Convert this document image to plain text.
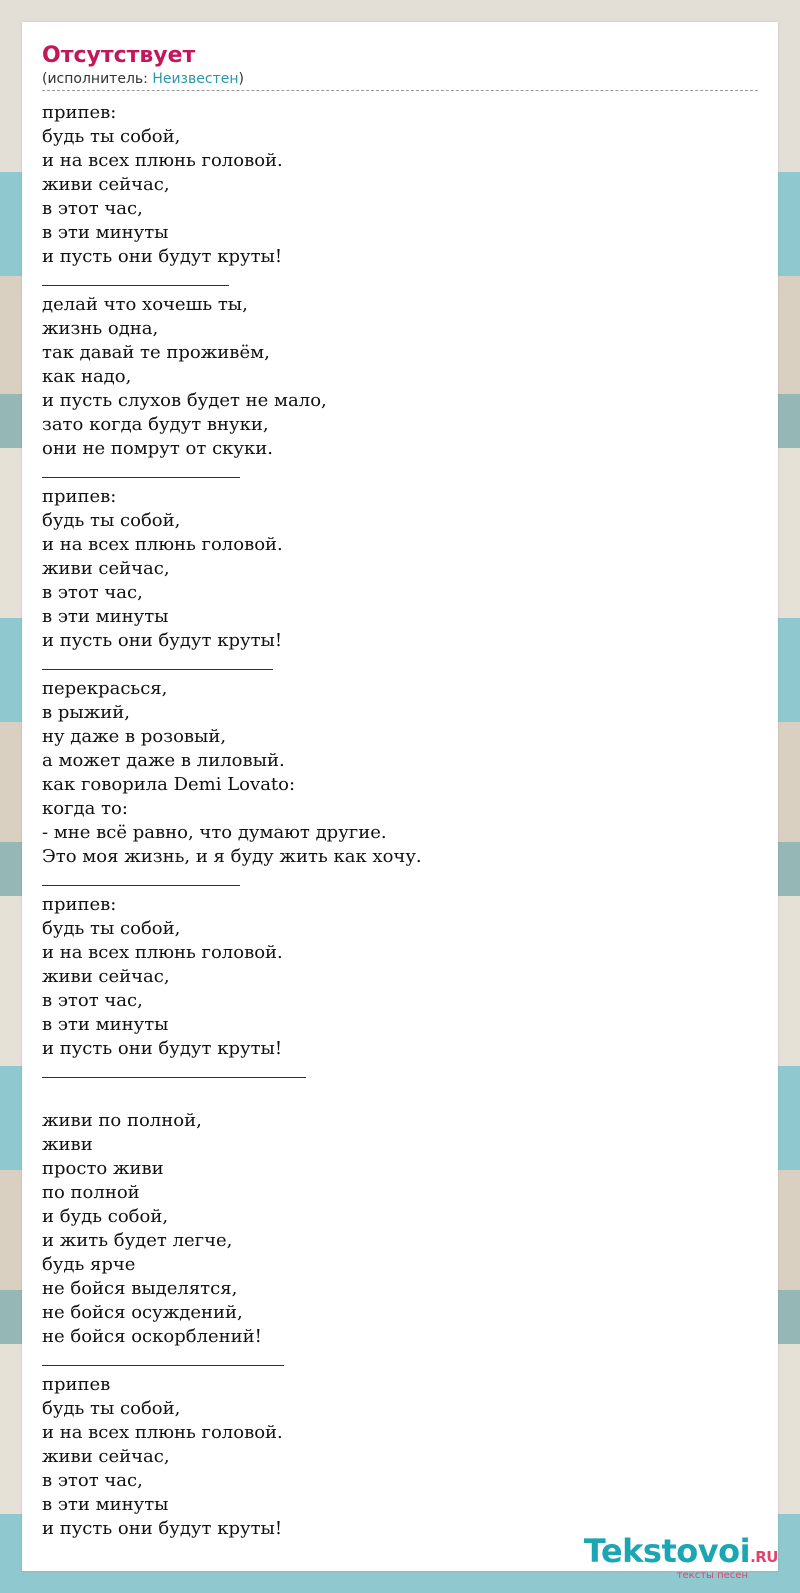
Отсутствует
(исполнитель: Неизвестен)
припев:
будь ты собой,
и на всех плюнь головой.
живи сейчас,
в этот час,
в эти минуты
и пусть они будут круты!
делай что хочешь ты,
жизнь одна,
так давай те проживём,
как надо,
и пусть слухов будет не мало,
зато когда будут внуки,
они не помрут от скуки.
припев:
будь ты собой,
и на всех плюнь головой.
живи сейчас,
в этот час,
в эти минуты
и пусть они будут круты!
перекрасься,
в рыжий,
ну даже в розовый,
а может даже в лиловый.
как говорила Demi Lovato:
когда то:
- мне всё равно, что думают другие.
Это моя жизнь, и я буду жить как хочу.
припев:
будь ты собой,
и на всех плюнь головой.
живи сейчас,
в этот час,
в эти минуты
и пусть они будут круты!
живи по полной,
живи
просто живи
по полной
и будь собой,
и жить будет легче,
будь ярче
не бойся выделятся,
не бойся осуждений,
не бойся оскорблений!
припев
будь ты собой,
и на всех плюнь головой.
живи сейчас,
в этот час,
в эти минуты
и пусть они будут круты!
Tekstovoi.RU
тексты песен
